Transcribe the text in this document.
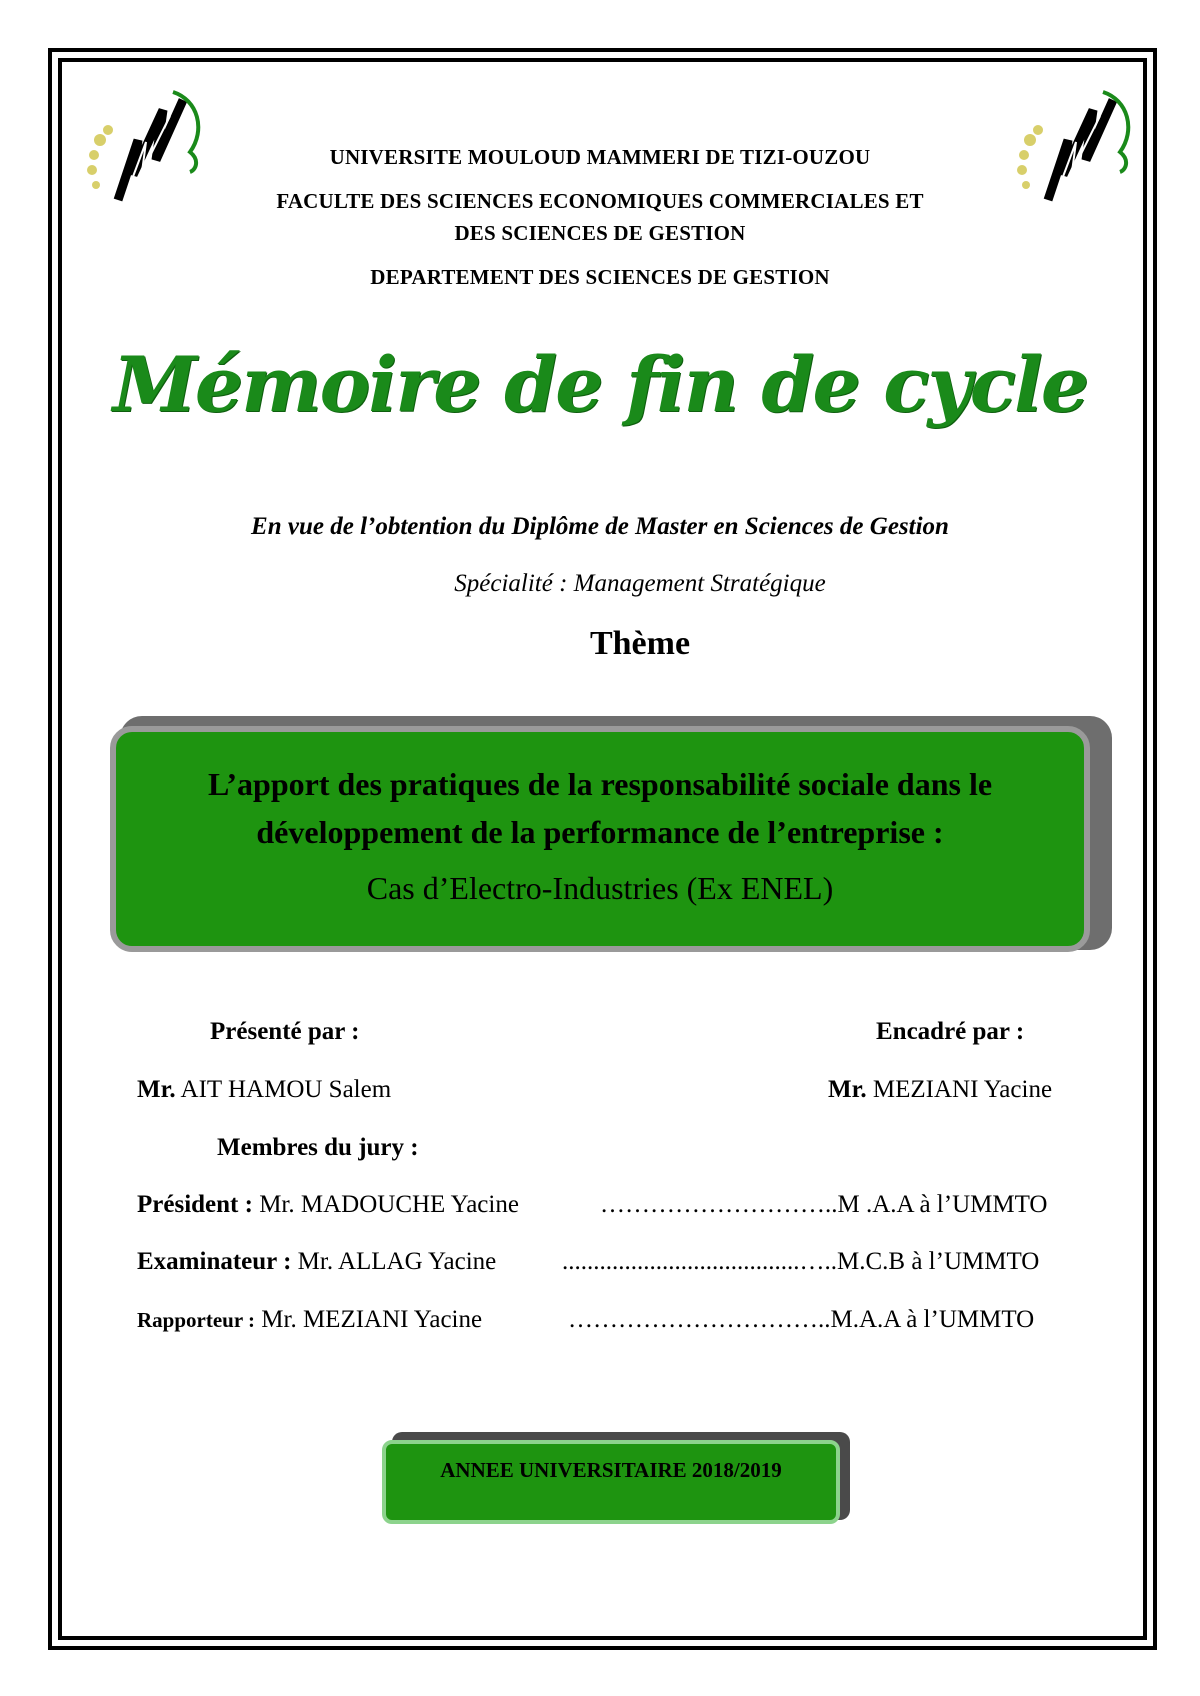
UNIVERSITE MOULOUD MAMMERI DE TIZI-OUZOU
FACULTE DES SCIENCES ECONOMIQUES COMMERCIALES ET
DES SCIENCES DE GESTION
DEPARTEMENT DES SCIENCES DE GESTION
Mémoire de fin de cycle
En vue de l’obtention du Diplôme de Master en Sciences de Gestion
Spécialité : Management Stratégique
Thème
L’apport des pratiques de la responsabilité sociale dans le
développement de la performance de l’entreprise :
Cas d’Electro-Industries (Ex ENEL)
Présenté par :	Encadré par :
Mr. AIT HAMOU Salem	Mr. MEZIANI Yacine
Membres du jury :
Président : Mr. MADOUCHE Yacine	………………………..M .A.A à l’UMMTO
Examinateur : Mr. ALLAG Yacine	......................................…..M.C.B à l’UMMTO
Rapporteur : Mr. MEZIANI Yacine	…………………………..M.A.A à l’UMMTO
ANNEE UNIVERSITAIRE 2018/2019
